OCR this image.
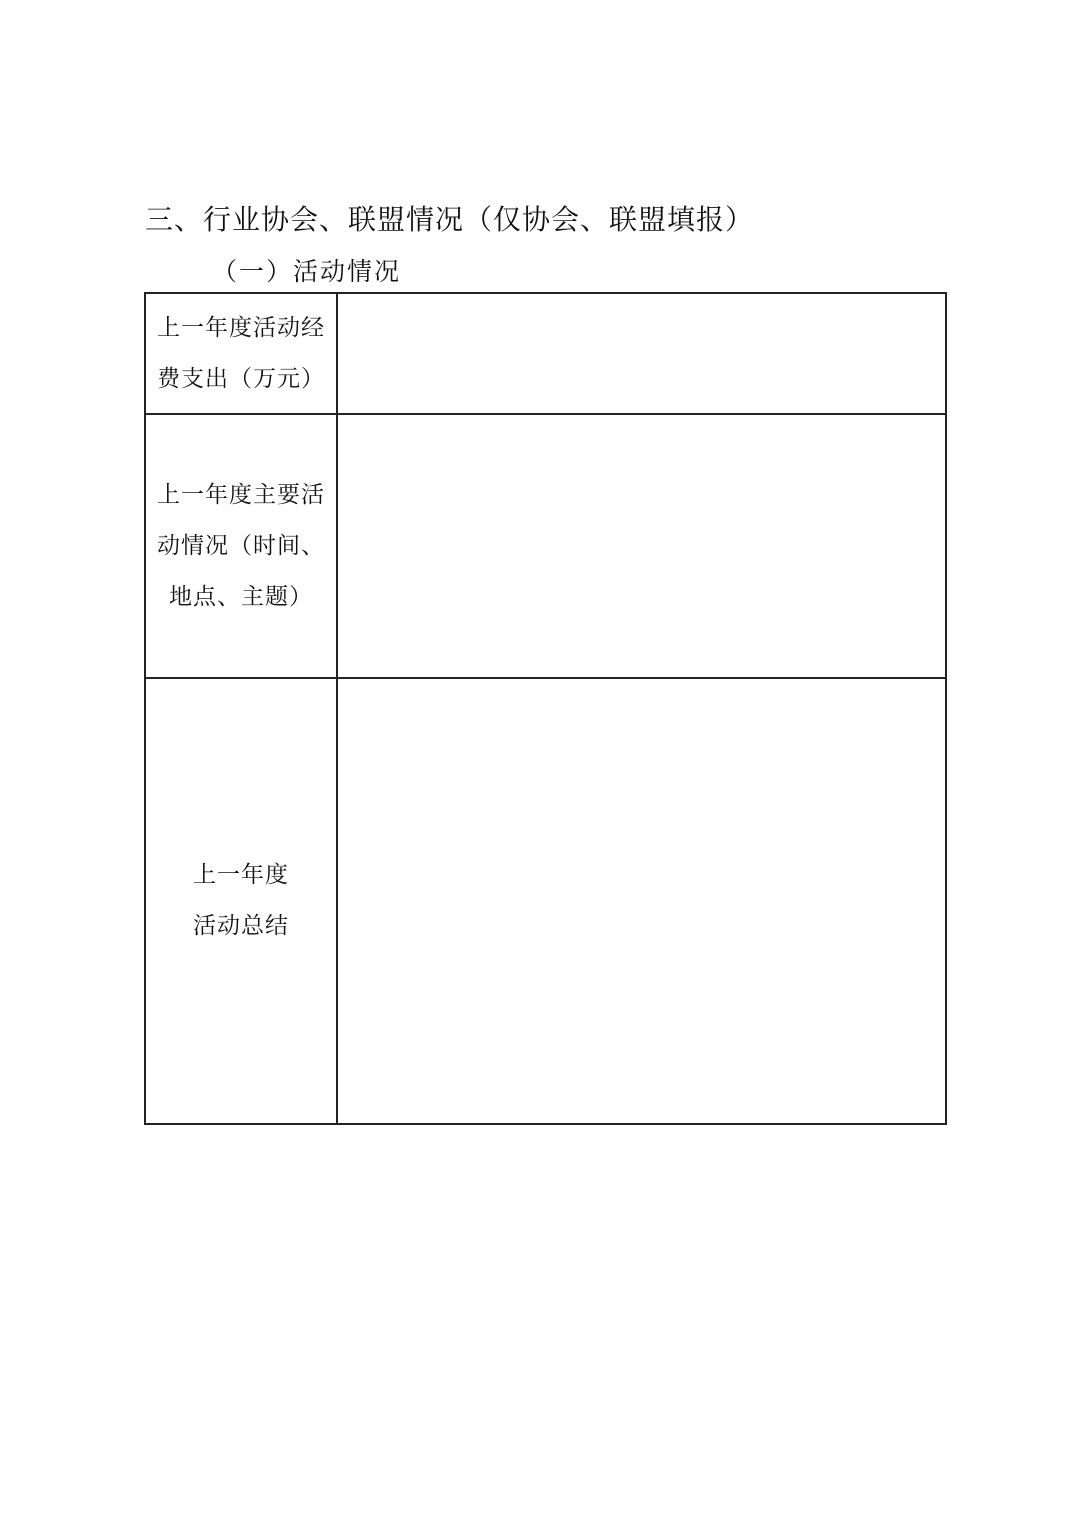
三、行业协会、联盟情况（仅协会、联盟填报）
（一）活动情况
上一年度活动经
费支出（万元）	

上一年度主要活
动情况（时间、
地点、主题）	

上一年度
活动总结	
